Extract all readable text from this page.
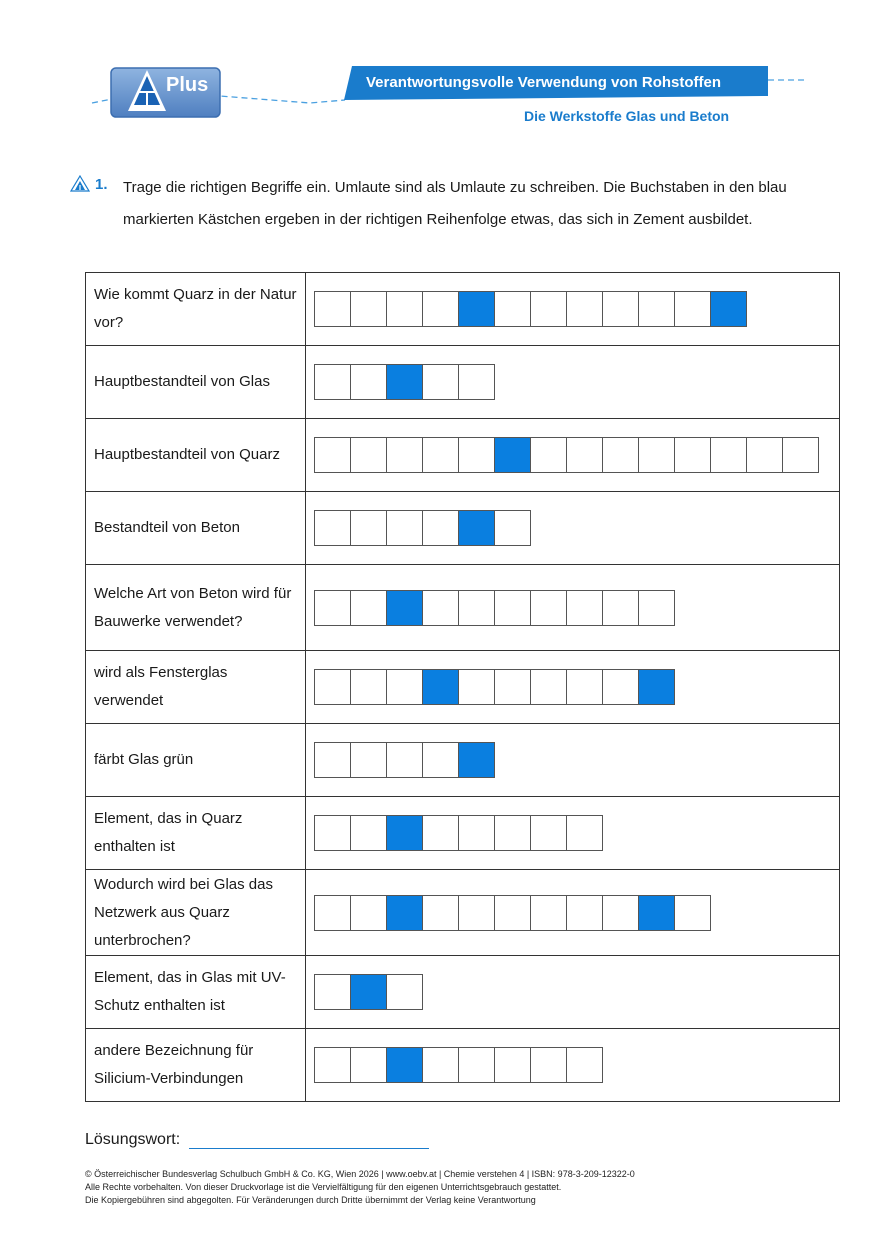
Plus	Verantwortungsvolle Verwendung von Rohstoffen
Die Werkstoffe Glas und Beton
1. Trage die richtigen Begriffe ein. Umlaute sind als Umlaute zu schreiben. Die Buchstaben in den blau markierten Kästchen ergeben in der richtigen Reihenfolge etwas, das sich in Zement ausbildet.
Wie kommt Quarz in der Natur vor?	

Hauptbestandteil von Glas	

Hauptbestandteil von Quarz	

Bestandteil von Beton	

Welche Art von Beton wird für Bauwerke verwendet?	

wird als Fensterglas verwendet	

färbt Glas grün	

Element, das in Quarz enthalten ist	

Wodurch wird bei Glas das Netzwerk aus Quarz unterbrochen?	

Element, das in Glas mit UV-Schutz enthalten ist	

andere Bezeichnung für Silicium-Verbindungen	
Lösungswort:
© Österreichischer Bundesverlag Schulbuch GmbH & Co. KG, Wien 2026 | www.oebv.at | Chemie verstehen 4 | ISBN: 978-3-209-12322-0
Alle Rechte vorbehalten. Von dieser Druckvorlage ist die Vervielfältigung für den eigenen Unterrichtsgebrauch gestattet.
Die Kopiergebühren sind abgegolten. Für Veränderungen durch Dritte übernimmt der Verlag keine Verantwortung
